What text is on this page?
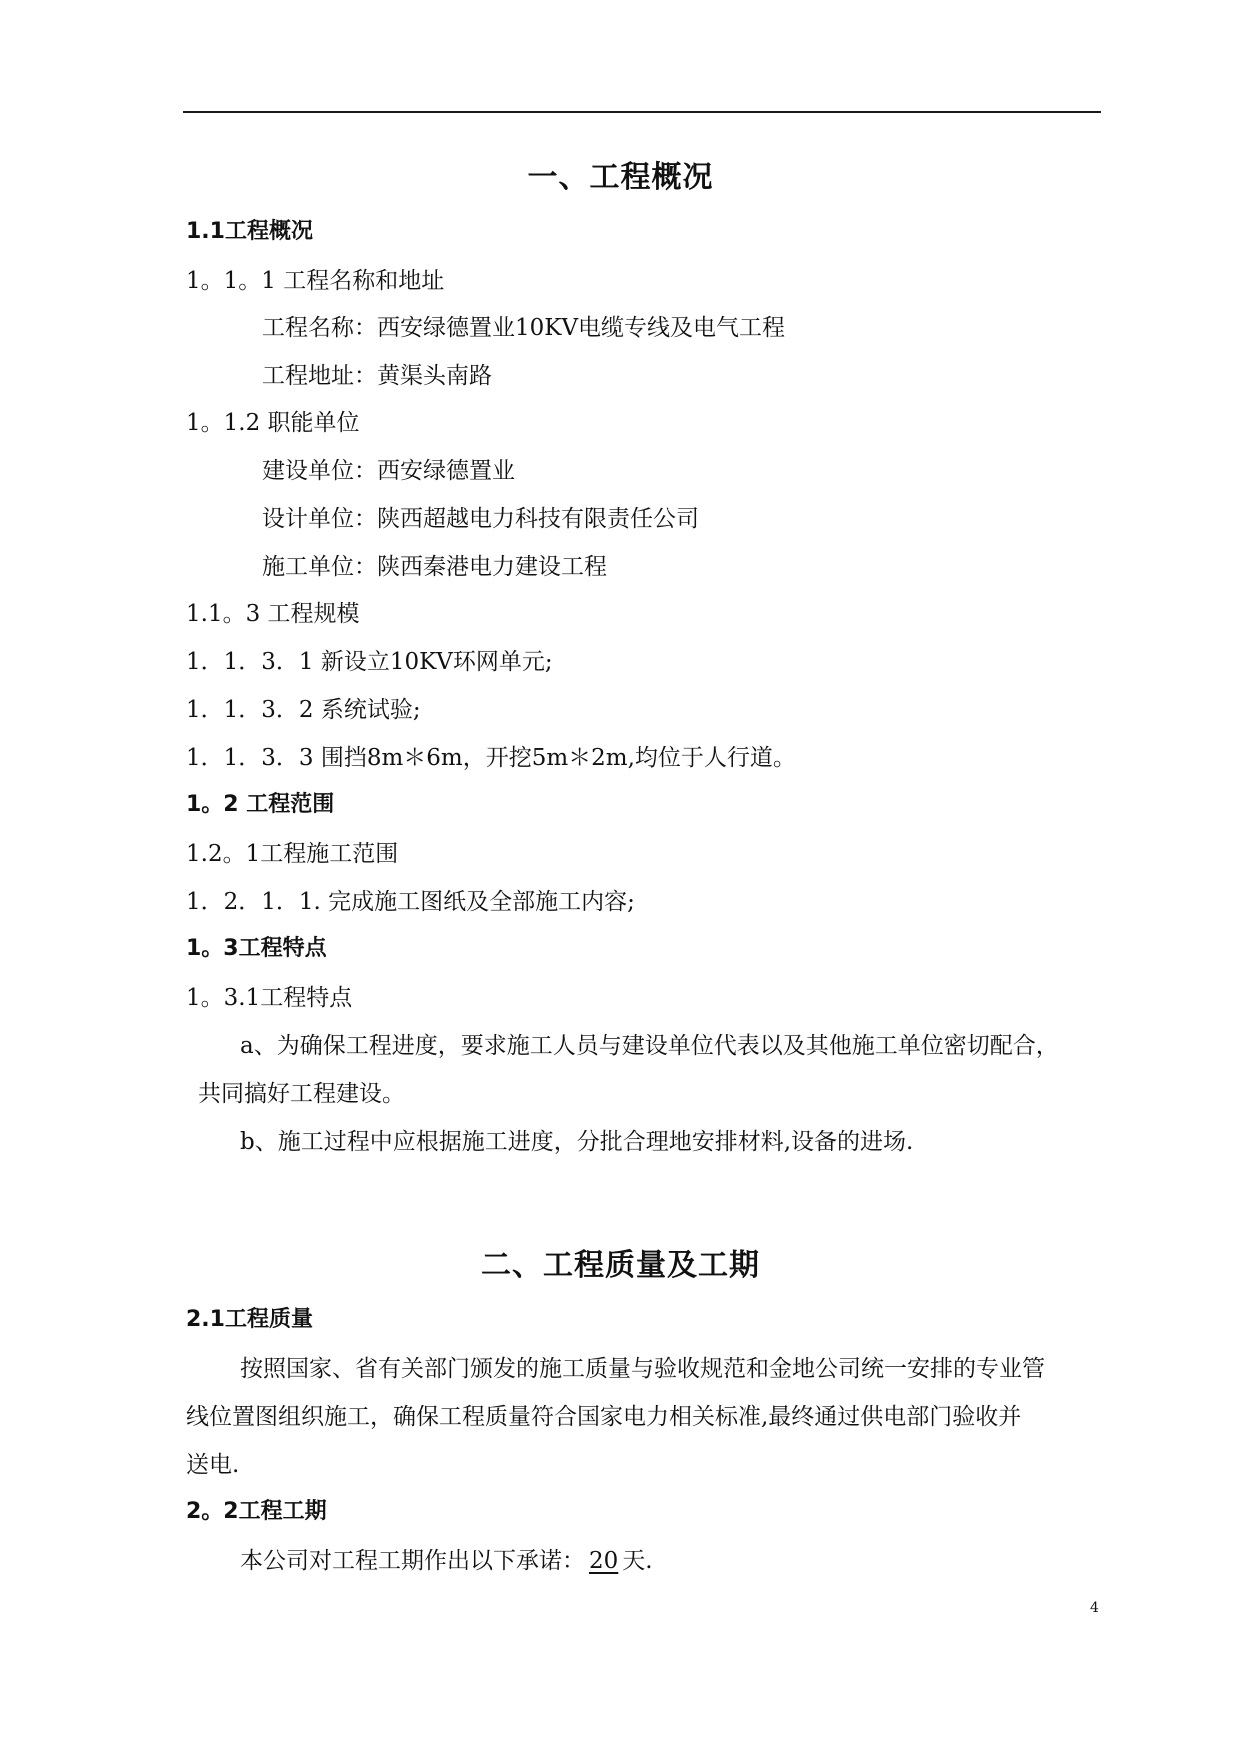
一、工程概况
1.1工程概况
1。1。1 工程名称和地址
工程名称：西安绿德置业10KV电缆专线及电气工程
工程地址：黄渠头南路
1。1.2 职能单位
建设单位：西安绿德置业
设计单位：陕西超越电力科技有限责任公司
施工单位：陕西秦港电力建设工程
1.1。3 工程规模
1．1．3．1 新设立10KV环网单元;
1．1．3．2 系统试验;
1．1．3．3 围挡8m＊6m，开挖5m＊2m,均位于人行道。
1。2 工程范围
1.2。1工程施工范围
1．2．1．1. 完成施工图纸及全部施工内容;
1。3工程特点
1。3.1工程特点
a、为确保工程进度，要求施工人员与建设单位代表以及其他施工单位密切配合，
共同搞好工程建设。
b、施工过程中应根据施工进度，分批合理地安排材料,设备的进场.
二、工程质量及工期
2.1工程质量
按照国家、省有关部门颁发的施工质量与验收规范和金地公司统一安排的专业管
线位置图组织施工，确保工程质量符合国家电力相关标准,最终通过供电部门验收并
送电.
2。2工程工期
本公司对工程工期作出以下承诺： 20 天.
4
